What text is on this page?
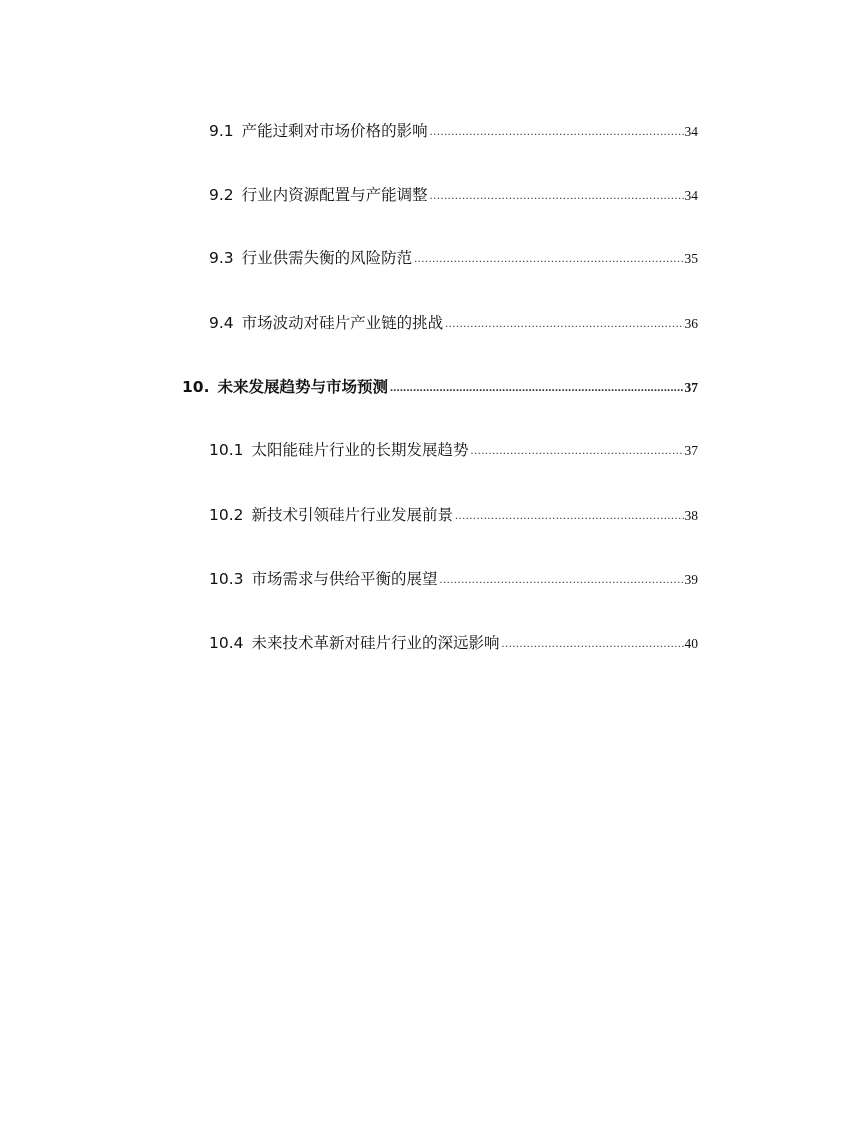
9.1 产能过剩对市场价格的影响 .....	34
9.2 行业内资源配置与产能调整 .....	34
9.3 行业供需失衡的风险防范 .....	35
9.4 市场波动对硅片产业链的挑战 .....	36
10. 未来发展趋势与市场预测 .....	37
10.1 太阳能硅片行业的长期发展趋势 .....	37
10.2 新技术引领硅片行业发展前景 .....	38
10.3 市场需求与供给平衡的展望 .....	39
10.4 未来技术革新对硅片行业的深远影响 .....	40
